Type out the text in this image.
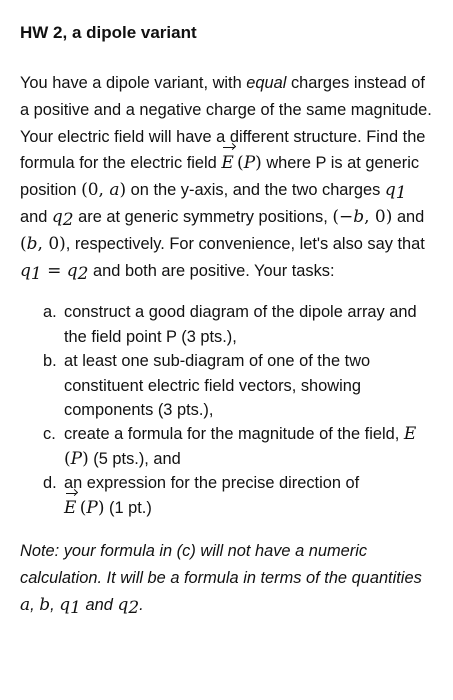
HW 2, a dipole variant

You have a dipole variant, with equal charges instead of a positive and a negative charge of the same magnitude. Your electric field will have a different structure. Find the formula for the electric field E  (P) where P is at generic position (0, a) on the y-axis, and the two charges $q_1$ and $q_2$ are at generic symmetry positions, (−b, 0) and (b, 0), respectively. For convenience, let's also say that $q_1 = q_2$ and both are positive. Your tasks:

a. construct a good diagram of the dipole array and the field point P (3 pts.),
b. at least one sub-diagram of one of the two constituent electric field vectors, showing components (3 pts.),
c. create a formula for the magnitude of the field, E (P) (5 pts.), and
d. an expression for the precise direction of
E  (P) (1 pt.)

Note: your formula in (c) will not have a numeric calculation. It will be a formula in terms of the quantities a, b, $q_1$ and $q_2$.
